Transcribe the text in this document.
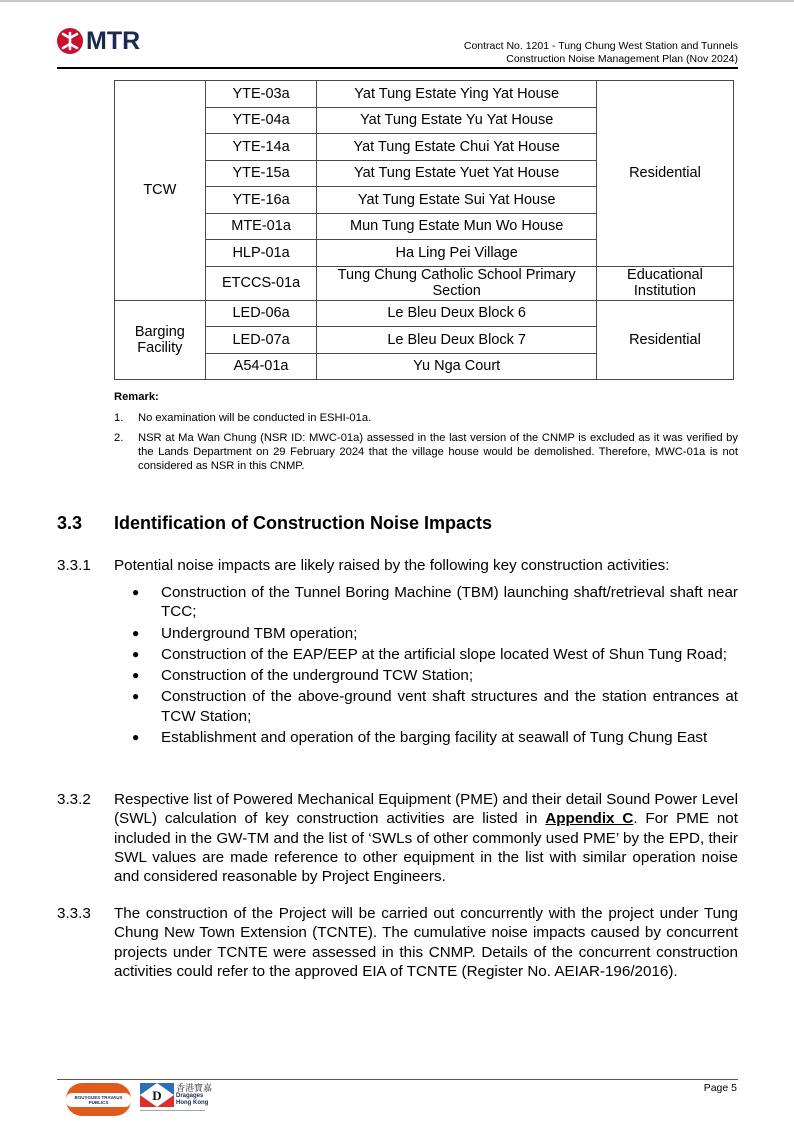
MTR	Contract No. 1201 - Tung Chung West Station and Tunnels
Construction Noise Management Plan (Nov 2024)
TCW	YTE-03a	Yat Tung Estate Ying Yat House	Residential
	YTE-04a	Yat Tung Estate Yu Yat House	
	YTE-14a	Yat Tung Estate Chui Yat House	
	YTE-15a	Yat Tung Estate Yuet Yat House	
	YTE-16a	Yat Tung Estate Sui Yat House	
	MTE-01a	Mun Tung Estate Mun Wo House	
	HLP-01a	Ha Ling Pei Village	
	ETCCS-01a	Tung Chung Catholic School Primary Section	Educational Institution
Barging Facility	LED-06a	Le Bleu Deux Block 6	Residential
	LED-07a	Le Bleu Deux Block 7	
	A54-01a	Yu Nga Court	
Remark:
1.	No examination will be conducted in ESHI-01a.
2.	NSR at Ma Wan Chung (NSR ID: MWC-01a) assessed in the last version of the CNMP is excluded as it was verified by the Lands Department on 29 February 2024 that the village house would be demolished. Therefore, MWC-01a is not considered as NSR in this CNMP.
3.3	Identification of Construction Noise Impacts
3.3.1	Potential noise impacts are likely raised by the following key construction activities:
●	Construction of the Tunnel Boring Machine (TBM) launching shaft/retrieval shaft near TCC;
●	Underground TBM operation;
●	Construction of the EAP/EEP at the artificial slope located West of Shun Tung Road;
●	Construction of the underground TCW Station;
●	Construction of the above-ground vent shaft structures and the station entrances at TCW Station;
●	Establishment and operation of the barging facility at seawall of Tung Chung East
3.3.2	Respective list of Powered Mechanical Equipment (PME) and their detail Sound Power Level (SWL) calculation of key construction activities are listed in Appendix C. For PME not included in the GW-TM and the list of ‘SWLs of other commonly used PME’ by the EPD, their SWL values are made reference to other equipment in the list with similar operation noise and considered reasonable by Project Engineers.
3.3.3	The construction of the Project will be carried out concurrently with the project under Tung Chung New Town Extension (TCNTE). The cumulative noise impacts caused by concurrent projects under TCNTE were assessed in this CNMP. Details of the concurrent construction activities could refer to the approved EIA of TCNTE (Register No. AEIAR-196/2016).
BOUYGUES TRAVAUX PUBLICS	D 香港寶嘉
Dragages
Hong Kong
Page 5
